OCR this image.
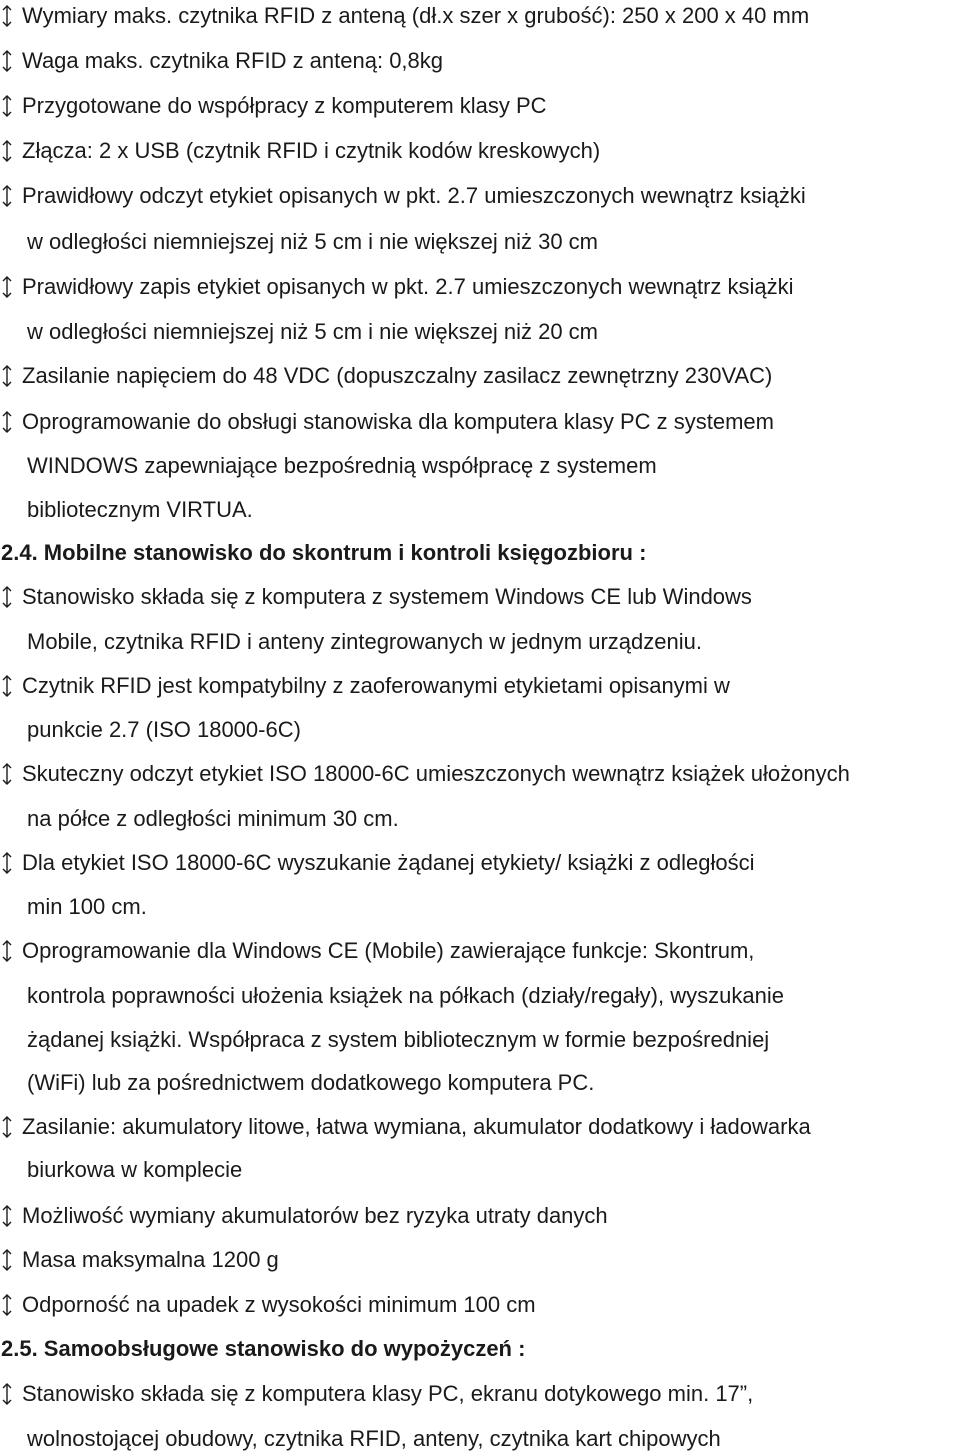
Wymiary maks. czytnika RFID z anteną (dł.x szer x grubość): 250 x 200 x 40 mm
Waga maks. czytnika RFID z anteną: 0,8kg
Przygotowane do współpracy z komputerem klasy PC
Złącza: 2 x USB (czytnik RFID i czytnik kodów kreskowych)
Prawidłowy odczyt etykiet opisanych w pkt. 2.7 umieszczonych wewnątrz książki
w odległości niemniejszej niż 5 cm i nie większej niż 30 cm
Prawidłowy zapis etykiet opisanych w pkt. 2.7 umieszczonych wewnątrz książki
w odległości niemniejszej niż 5 cm i nie większej niż 20 cm
Zasilanie napięciem do 48 VDC (dopuszczalny zasilacz zewnętrzny 230VAC)
Oprogramowanie do obsługi stanowiska dla komputera klasy PC z systemem
WINDOWS zapewniające bezpośrednią współpracę z systemem
bibliotecznym VIRTUA.
2.4. Mobilne stanowisko do skontrum i kontroli księgozbioru :
Stanowisko składa się z komputera z systemem Windows CE lub Windows
Mobile, czytnika RFID i anteny zintegrowanych w jednym urządzeniu.
Czytnik RFID jest kompatybilny z zaoferowanymi etykietami opisanymi w
punkcie 2.7 (ISO 18000-6C)
Skuteczny odczyt etykiet ISO 18000-6C umieszczonych wewnątrz książek ułożonych
na półce z odległości minimum 30 cm.
Dla etykiet ISO 18000-6C wyszukanie żądanej etykiety/ książki z odległości
min 100 cm.
Oprogramowanie dla Windows CE (Mobile) zawierające funkcje: Skontrum,
kontrola poprawności ułożenia książek na półkach (działy/regały), wyszukanie
żądanej książki. Współpraca z system bibliotecznym w formie bezpośredniej
(WiFi) lub za pośrednictwem dodatkowego komputera PC.
Zasilanie: akumulatory litowe, łatwa wymiana, akumulator dodatkowy i ładowarka
biurkowa w komplecie
Możliwość wymiany akumulatorów bez ryzyka utraty danych
Masa maksymalna 1200 g
Odporność na upadek z wysokości minimum 100 cm
2.5. Samoobsługowe stanowisko do wypożyczeń :
Stanowisko składa się z komputera klasy PC, ekranu dotykowego min. 17”,
wolnostojącej obudowy, czytnika RFID, anteny, czytnika kart chipowych
